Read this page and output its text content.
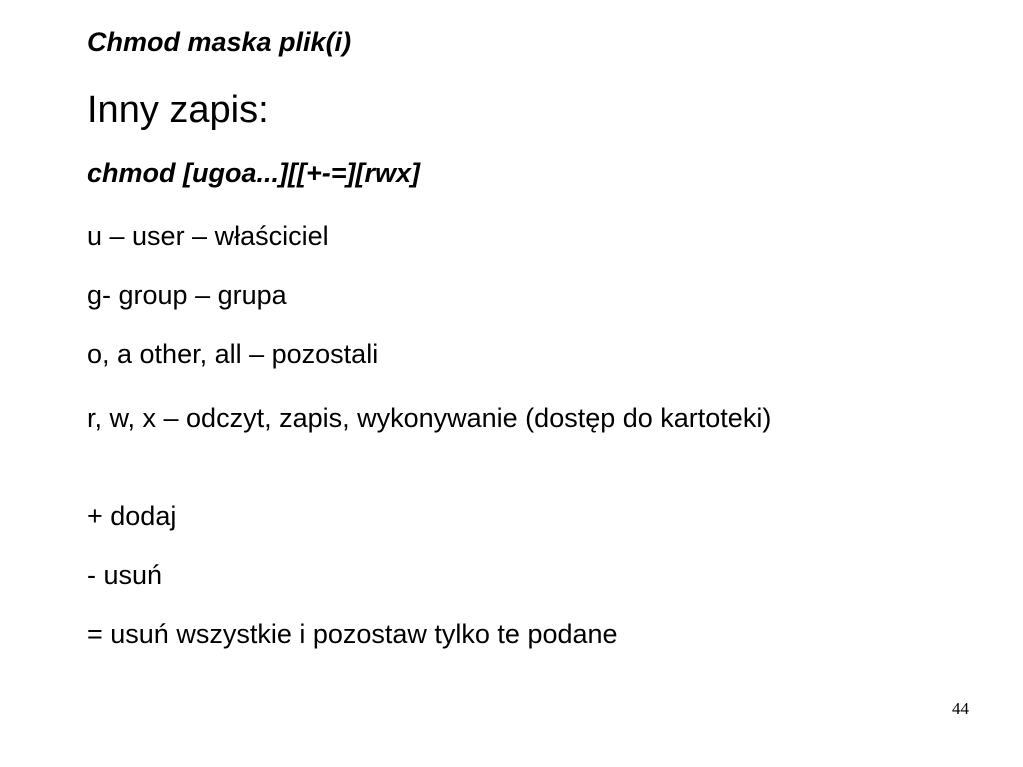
Chmod maska plik(i)

Inny zapis:

chmod [ugoa...][[+-=][rwx]

u – user – właściciel

g- group – grupa

o, a other, all – pozostali

r, w, x – odczyt, zapis, wykonywanie (dostęp do kartoteki)

+ dodaj

- usuń

= usuń wszystkie i pozostaw tylko te podane

44
